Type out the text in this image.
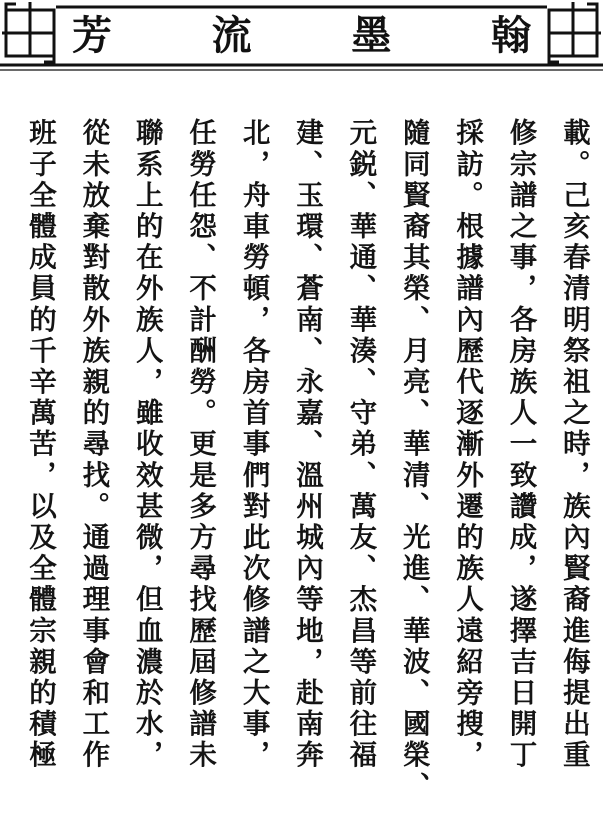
翰
墨
流
芳
載。己亥春清明祭祖之時，族內賢裔進侮提出重
修宗譜之事，各房族人一致讚成，遂擇吉日開丁
採訪。根據譜內歷代逐漸外遷的族人遠紹旁搜，
隨同賢裔其榮、月亮、華清、光進、華波、國榮、
元鋭、華通、華湊、守弟、萬友、杰昌等前往福
建、玉環、蒼南、永嘉、溫州城內等地，赴南奔
北，舟車勞頓，各房首事們對此次修譜之大事，
任勞任怨、不計酬勞。更是多方尋找歷屆修譜未
聯系上的在外族人，雖收效甚微，但血濃於水，
從未放棄對散外族親的尋找。通過理事會和工作
班子全體成員的千辛萬苦，以及全體宗親的積極
